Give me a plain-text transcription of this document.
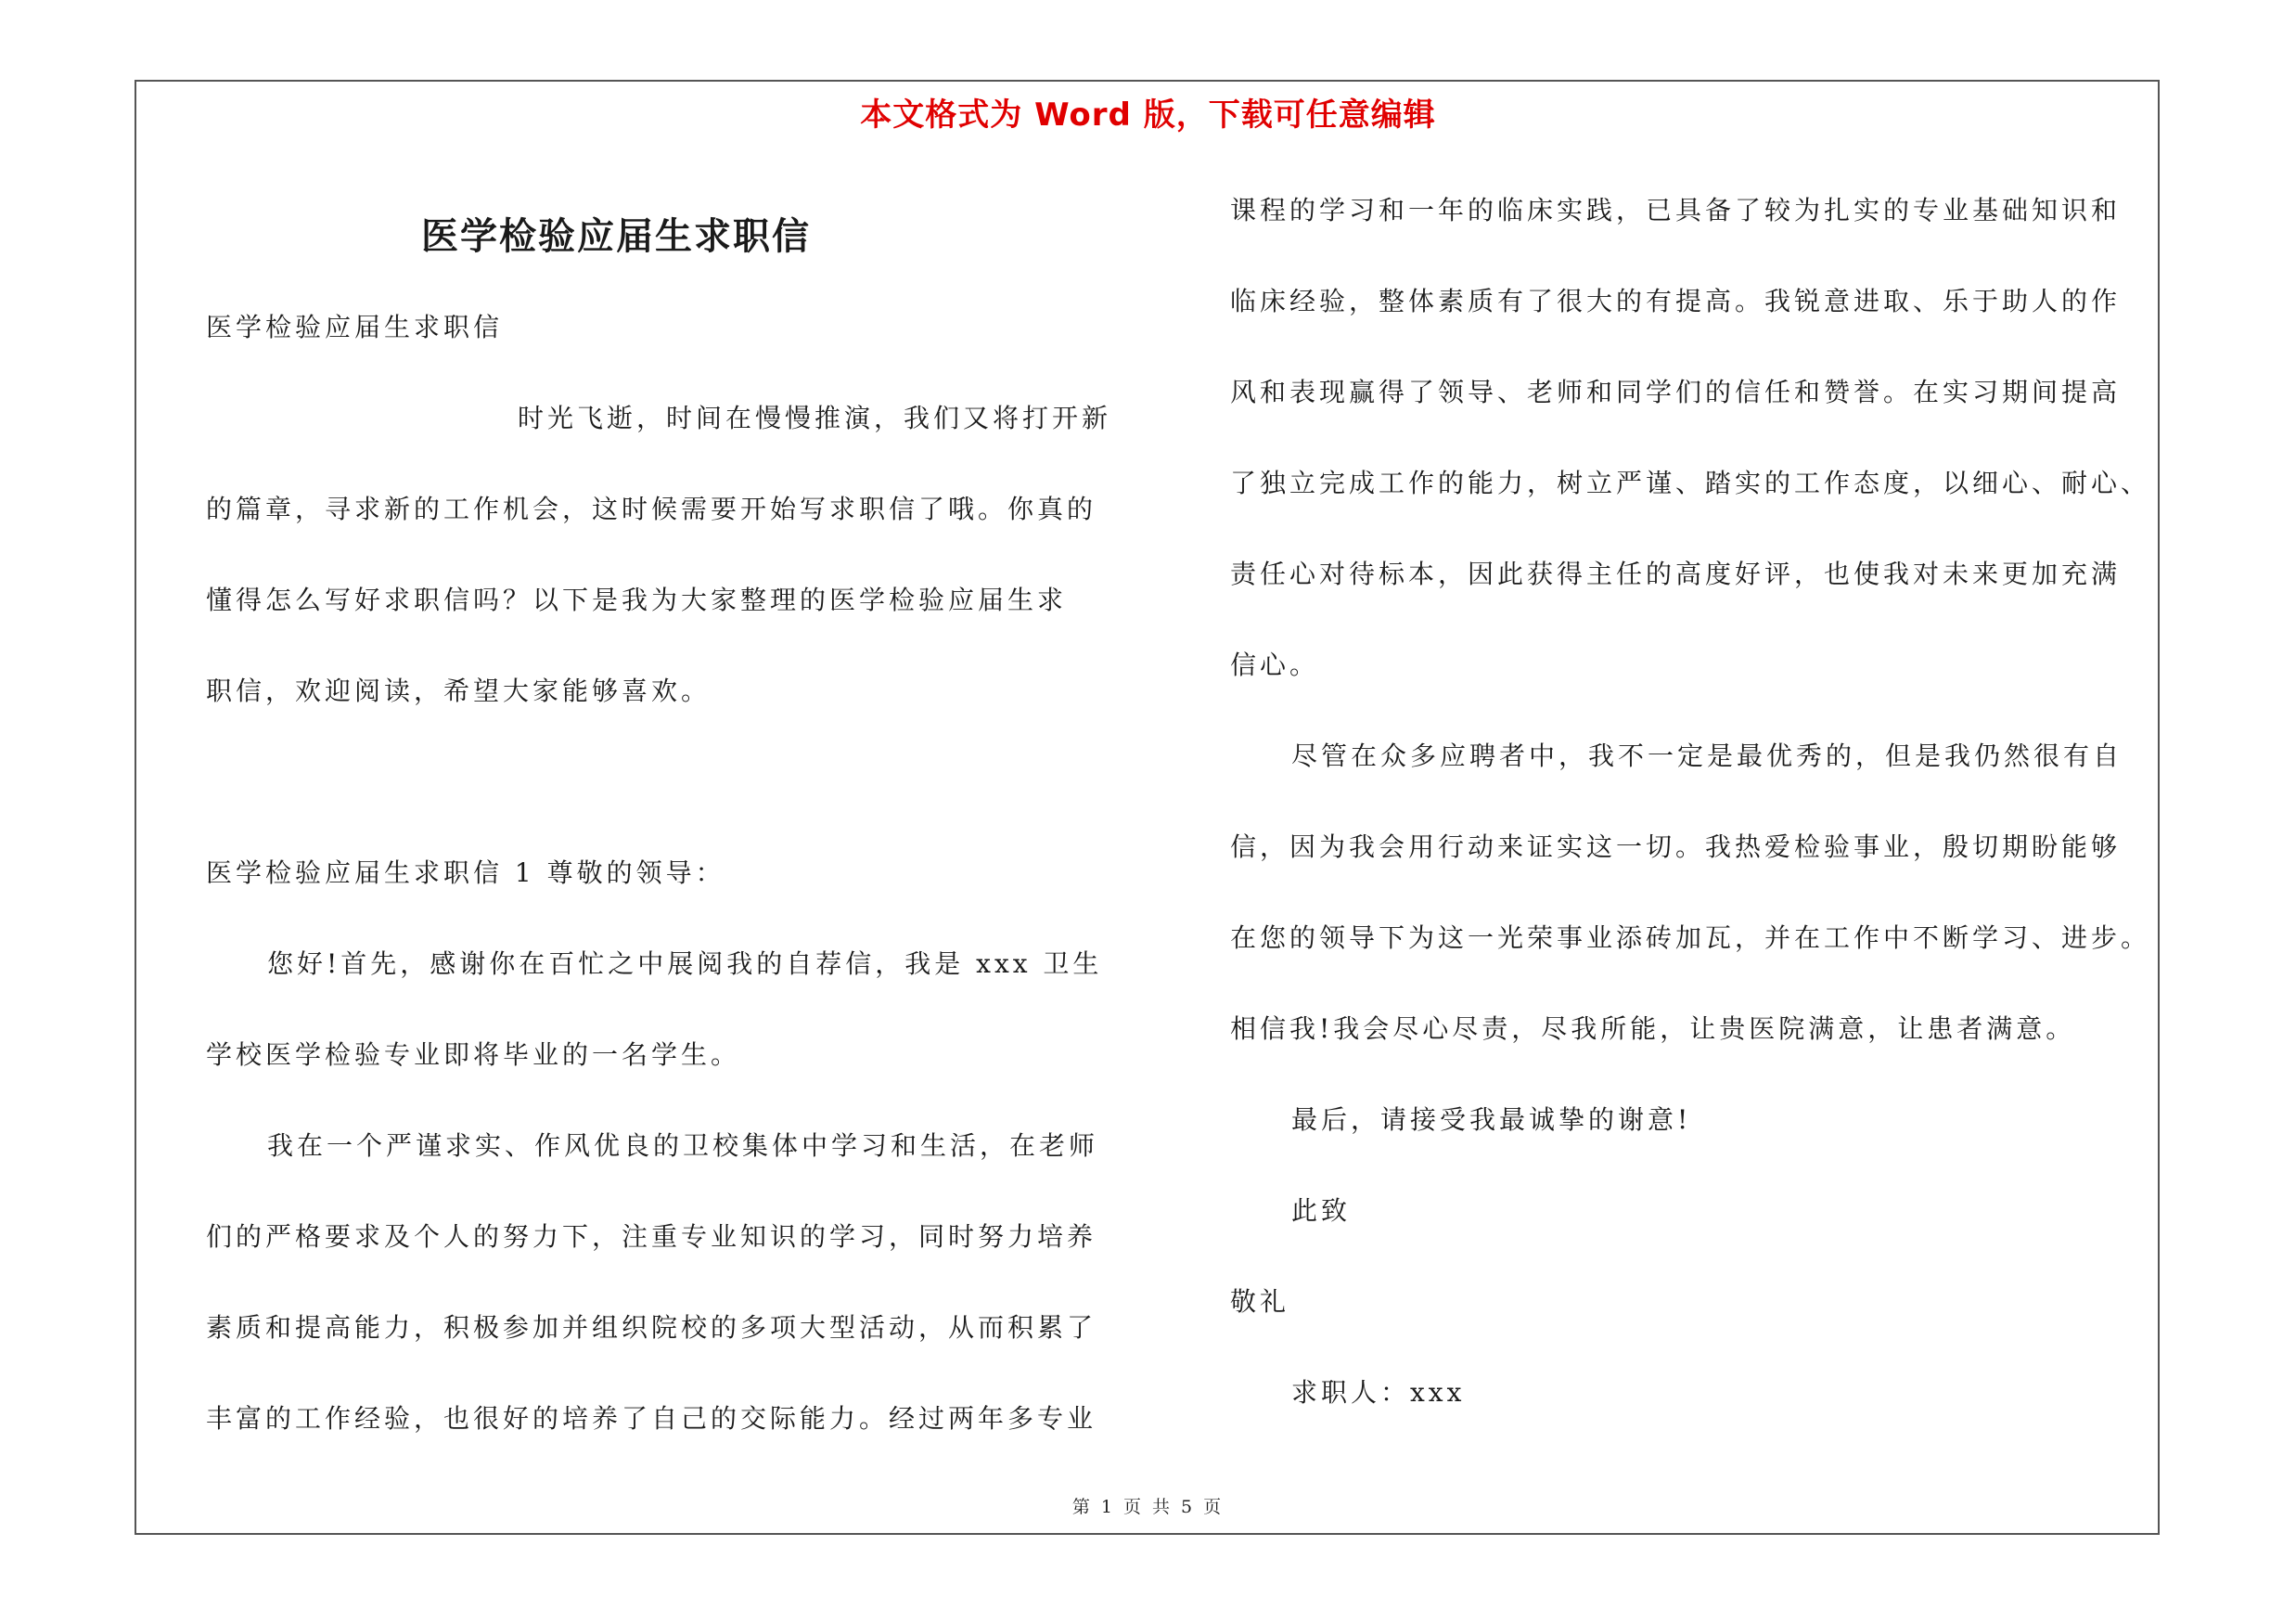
本文格式为 Word 版，下载可任意编辑
医学检验应届生求职信

医学检验应届生求职信

时光飞逝，时间在慢慢推演，我们又将打开新

的篇章，寻求新的工作机会，这时候需要开始写求职信了哦。你真的

懂得怎么写好求职信吗？以下是我为大家整理的医学检验应届生求

职信，欢迎阅读，希望大家能够喜欢。

医学检验应届生求职信 1 尊敬的领导：

您好!首先，感谢你在百忙之中展阅我的自荐信，我是 xxx 卫生

学校医学检验专业即将毕业的一名学生。

我在一个严谨求实、作风优良的卫校集体中学习和生活，在老师

们的严格要求及个人的努力下，注重专业知识的学习，同时努力培养

素质和提高能力，积极参加并组织院校的多项大型活动，从而积累了

丰富的工作经验，也很好的培养了自己的交际能力。经过两年多专业

课程的学习和一年的临床实践，已具备了较为扎实的专业基础知识和

临床经验，整体素质有了很大的有提高。我锐意进取、乐于助人的作

风和表现赢得了领导、老师和同学们的信任和赞誉。在实习期间提高

了独立完成工作的能力，树立严谨、踏实的工作态度，以细心、耐心、

责任心对待标本，因此获得主任的高度好评，也使我对未来更加充满

信心。

尽管在众多应聘者中，我不一定是最优秀的，但是我仍然很有自

信，因为我会用行动来证实这一切。我热爱检验事业，殷切期盼能够

在您的领导下为这一光荣事业添砖加瓦，并在工作中不断学习、进步。

相信我!我会尽心尽责，尽我所能，让贵医院满意，让患者满意。

最后，请接受我最诚挚的谢意!

此致

敬礼

求职人：xxx

第 1 页 共 5 页
